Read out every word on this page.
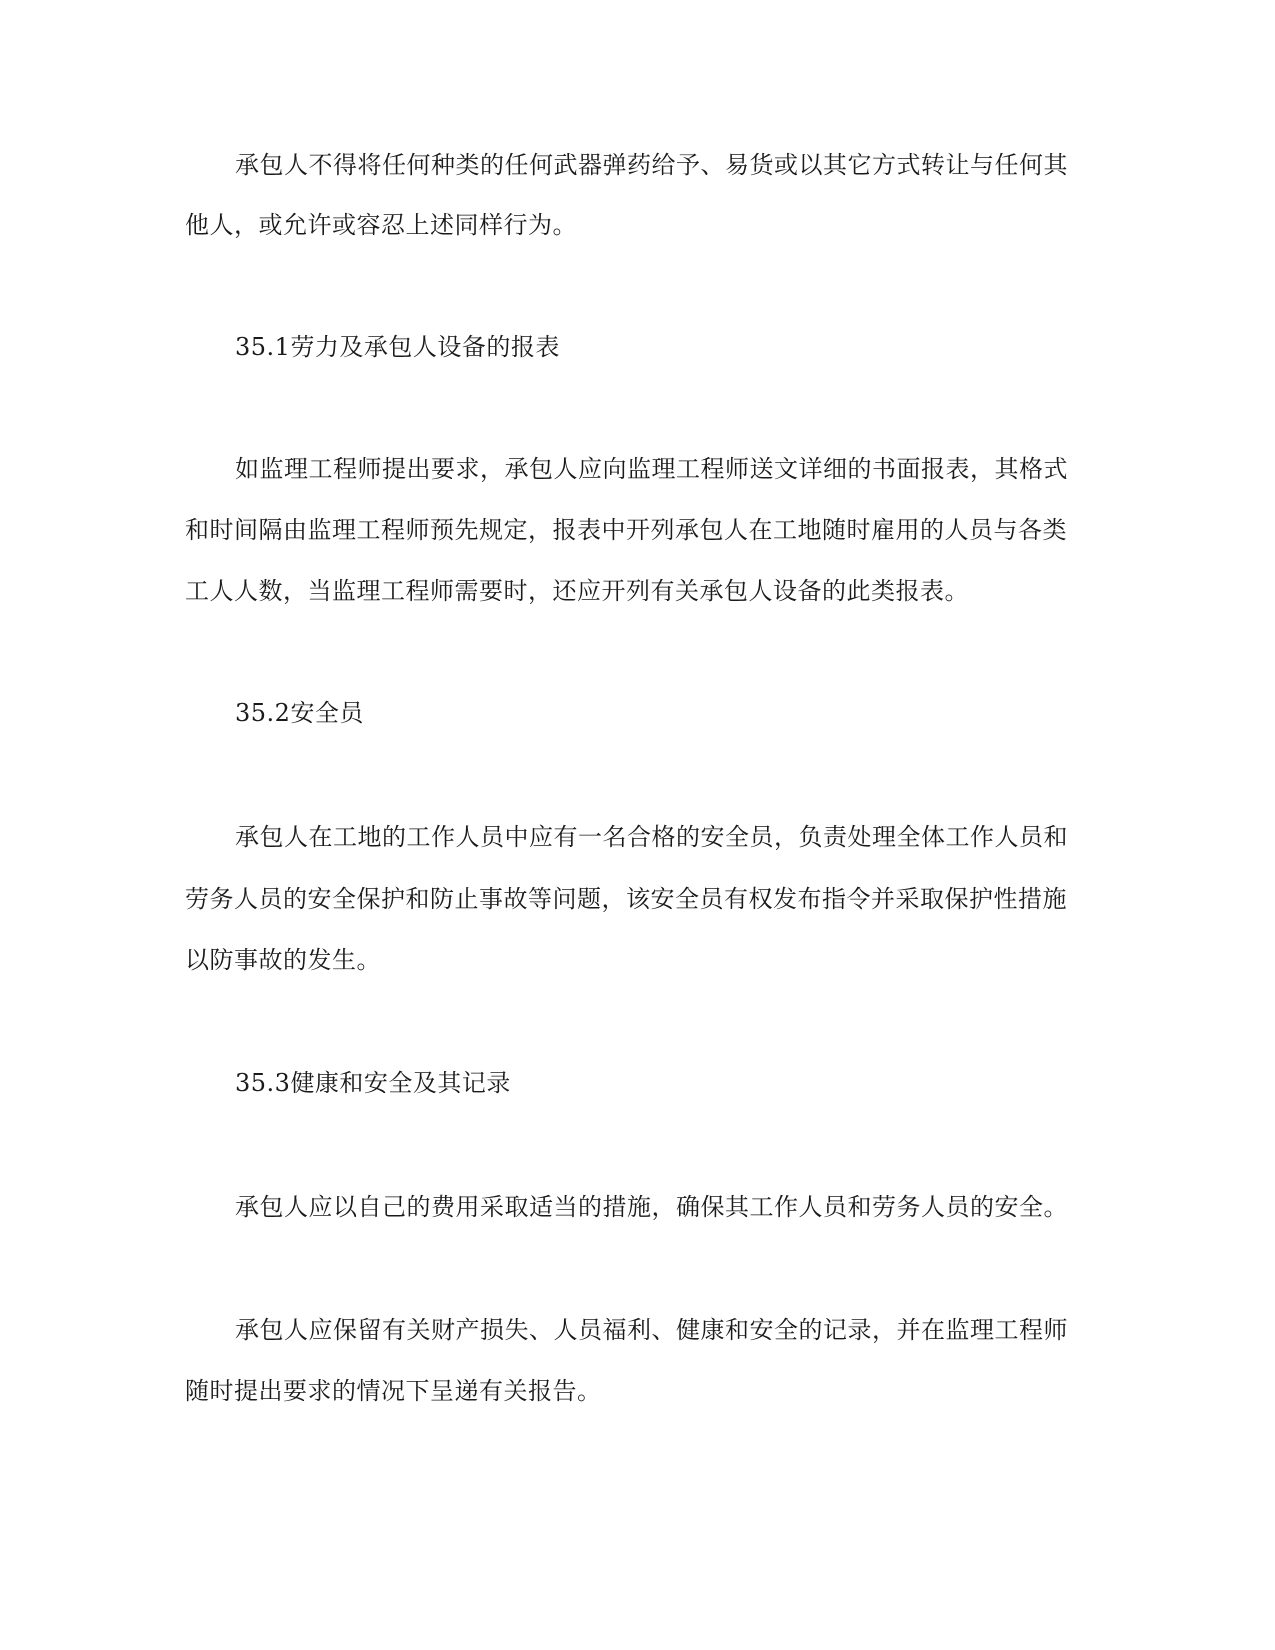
承包人不得将任何种类的任何武器弹药给予、易货或以其它方式转让与任何其
他人，或允许或容忍上述同样行为。
35.1劳力及承包人设备的报表
如监理工程师提出要求，承包人应向监理工程师送文详细的书面报表，其格式
和时间隔由监理工程师预先规定，报表中开列承包人在工地随时雇用的人员与各类
工人人数，当监理工程师需要时，还应开列有关承包人设备的此类报表。
35.2安全员
承包人在工地的工作人员中应有一名合格的安全员，负责处理全体工作人员和
劳务人员的安全保护和防止事故等问题，该安全员有权发布指令并采取保护性措施
以防事故的发生。
35.3健康和安全及其记录
承包人应以自己的费用采取适当的措施，确保其工作人员和劳务人员的安全。
承包人应保留有关财产损失、人员福利、健康和安全的记录，并在监理工程师
随时提出要求的情况下呈递有关报告。
